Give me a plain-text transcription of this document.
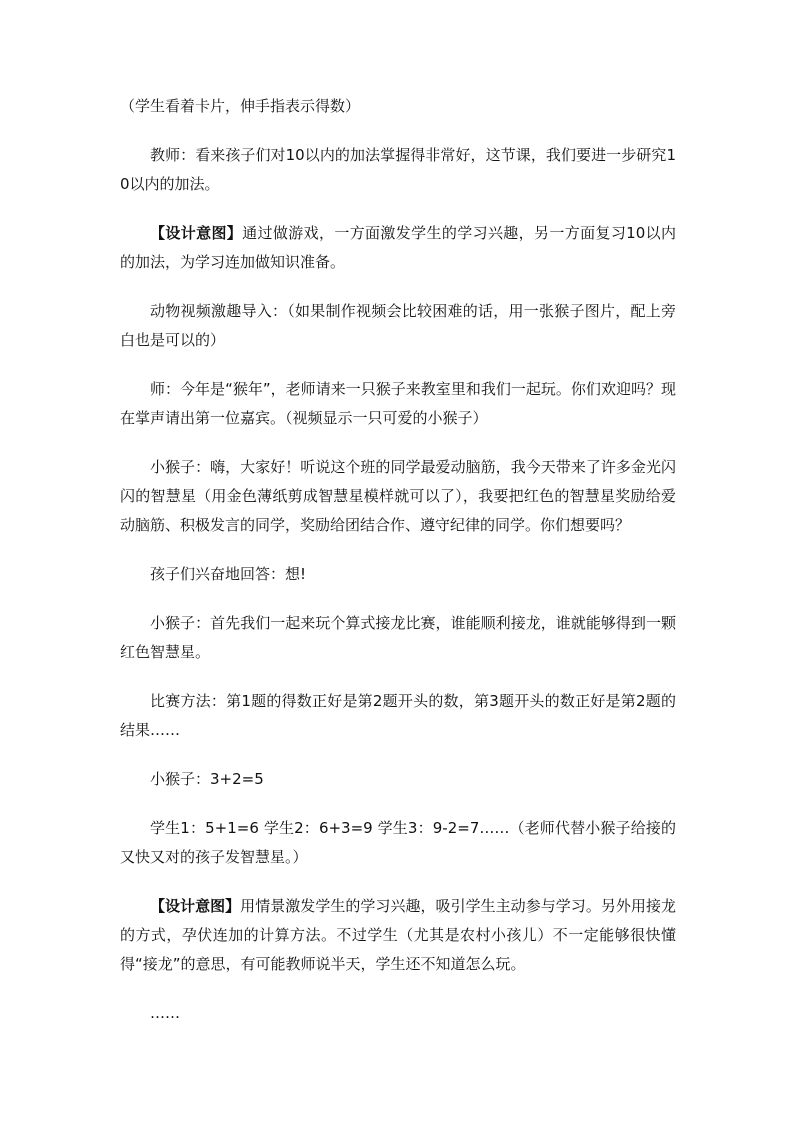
（学生看着卡片，伸手指表示得数）

教师：看来孩子们对10以内的加法掌握得非常好，这节课，我们要进一步研究10以内的加法。

【设计意图】通过做游戏，一方面激发学生的学习兴趣，另一方面复习10以内的加法，为学习连加做知识准备。

动物视频激趣导入：（如果制作视频会比较困难的话，用一张猴子图片，配上旁白也是可以的）

师：今年是“猴年”，老师请来一只猴子来教室里和我们一起玩。你们欢迎吗？现在掌声请出第一位嘉宾。（视频显示一只可爱的小猴子）

小猴子：嗨，大家好！听说这个班的同学最爱动脑筋，我今天带来了许多金光闪闪的智慧星（用金色薄纸剪成智慧星模样就可以了），我要把红色的智慧星奖励给爱动脑筋、积极发言的同学，奖励给团结合作、遵守纪律的同学。你们想要吗？

孩子们兴奋地回答：想!

小猴子：首先我们一起来玩个算式接龙比赛，谁能顺利接龙，谁就能够得到一颗红色智慧星。

比赛方法：第1题的得数正好是第2题开头的数，第3题开头的数正好是第2题的结果……

小猴子：3+2=5

学生1：5+1=6 学生2：6+3=9 学生3：9-2=7……（老师代替小猴子给接的又快又对的孩子发智慧星。）

【设计意图】用情景激发学生的学习兴趣，吸引学生主动参与学习。另外用接龙的方式，孕伏连加的计算方法。不过学生（尤其是农村小孩儿）不一定能够很快懂得“接龙”的意思，有可能教师说半天，学生还不知道怎么玩。

……
